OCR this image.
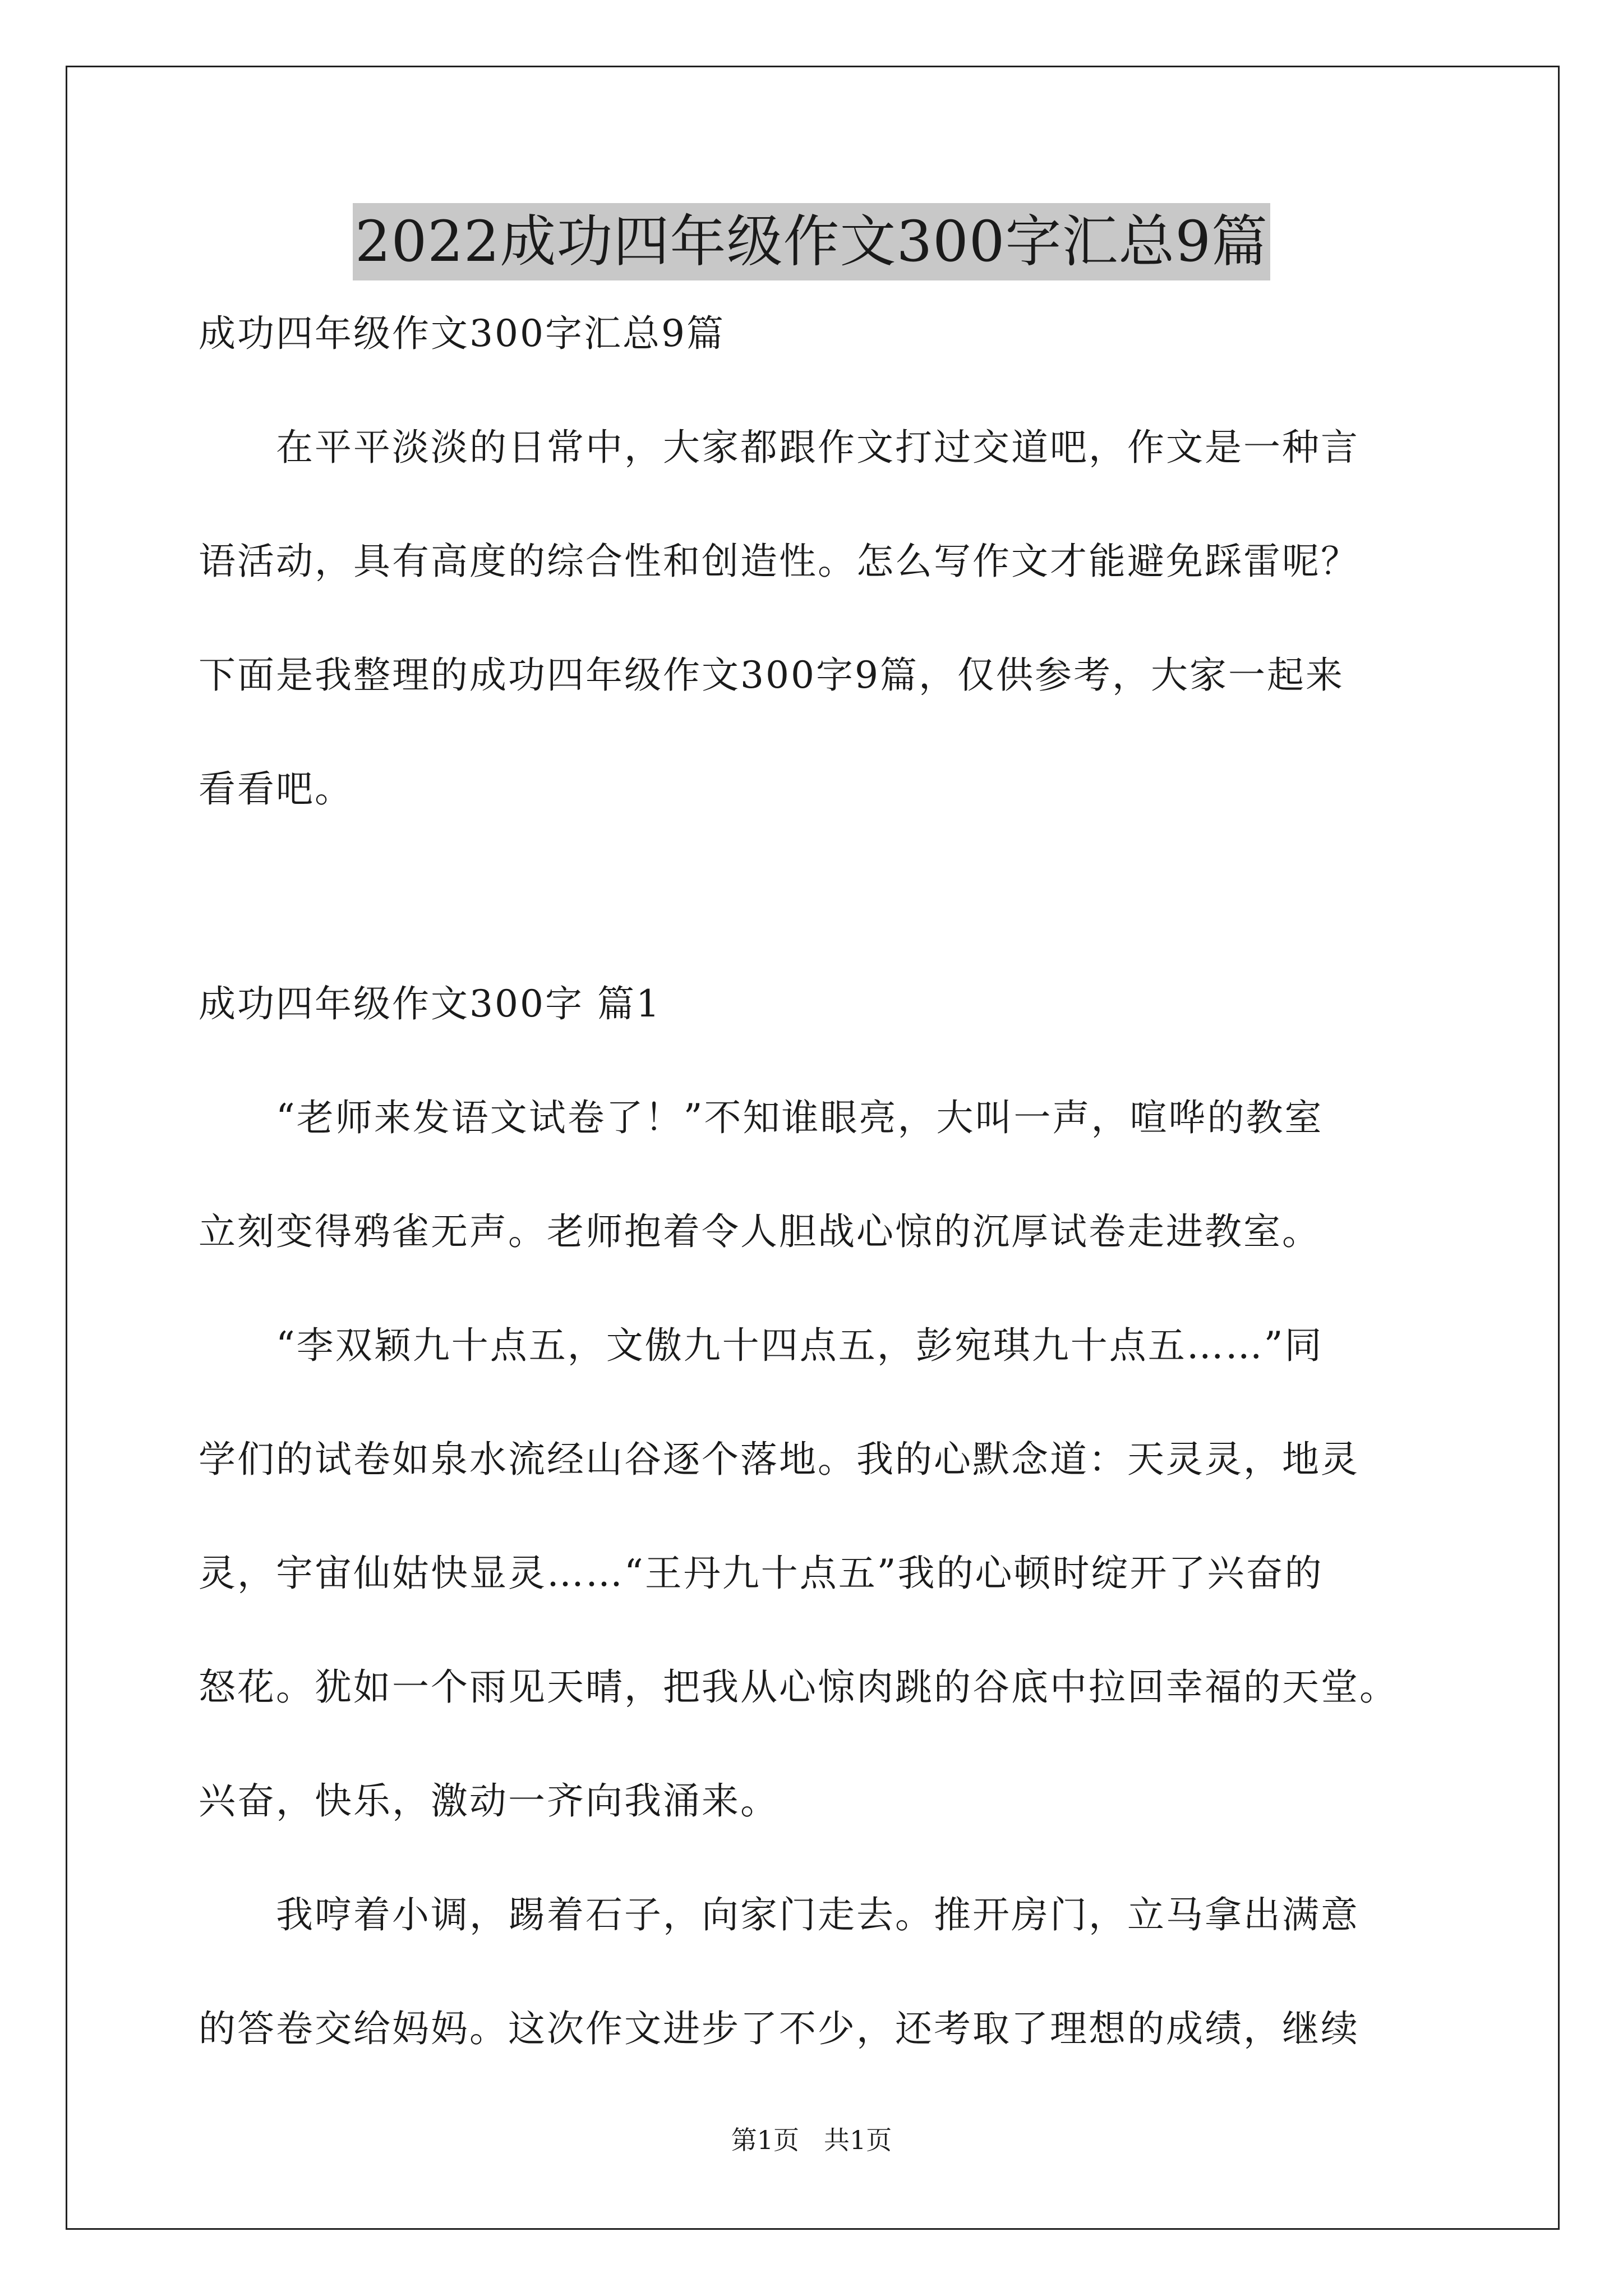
2022成功四年级作文300字汇总9篇
成功四年级作文300字汇总9篇
　　在平平淡淡的日常中，大家都跟作文打过交道吧，作文是一种言
语活动，具有高度的综合性和创造性。怎么写作文才能避免踩雷呢？
下面是我整理的成功四年级作文300字9篇，仅供参考，大家一起来
看看吧。
成功四年级作文300字 篇1
　　“老师来发语文试卷了！”不知谁眼亮，大叫一声，喧哗的教室
立刻变得鸦雀无声。老师抱着令人胆战心惊的沉厚试卷走进教室。
　　“李双颖九十点五，文傲九十四点五，彭宛琪九十点五……”同
学们的试卷如泉水流经山谷逐个落地。我的心默念道：天灵灵，地灵
灵，宇宙仙姑快显灵……“王丹九十点五”我的心顿时绽开了兴奋的
怒花。犹如一个雨见天晴，把我从心惊肉跳的谷底中拉回幸福的天堂。
兴奋，快乐，激动一齐向我涌来。
　　我哼着小调，踢着石子，向家门走去。推开房门，立马拿出满意
的答卷交给妈妈。这次作文进步了不少，还考取了理想的成绩，继续
第1页 共1页
